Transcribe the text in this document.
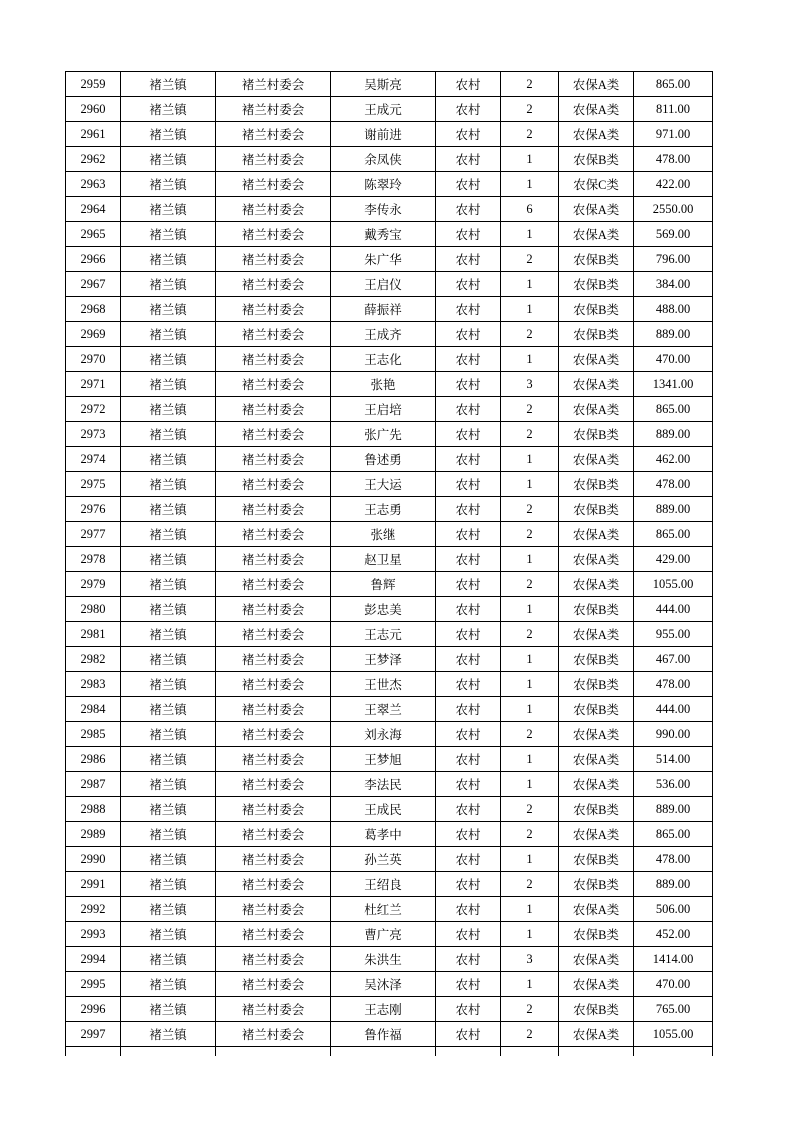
2959	褚兰镇	褚兰村委会	吴斯亮	农村	2	农保A类	865.00
2960	褚兰镇	褚兰村委会	王成元	农村	2	农保A类	811.00
2961	褚兰镇	褚兰村委会	谢前进	农村	2	农保A类	971.00
2962	褚兰镇	褚兰村委会	余凤侠	农村	1	农保B类	478.00
2963	褚兰镇	褚兰村委会	陈翠玲	农村	1	农保C类	422.00
2964	褚兰镇	褚兰村委会	李传永	农村	6	农保A类	2550.00
2965	褚兰镇	褚兰村委会	戴秀宝	农村	1	农保A类	569.00
2966	褚兰镇	褚兰村委会	朱广华	农村	2	农保B类	796.00
2967	褚兰镇	褚兰村委会	王启仪	农村	1	农保B类	384.00
2968	褚兰镇	褚兰村委会	薛振祥	农村	1	农保B类	488.00
2969	褚兰镇	褚兰村委会	王成齐	农村	2	农保B类	889.00
2970	褚兰镇	褚兰村委会	王志化	农村	1	农保A类	470.00
2971	褚兰镇	褚兰村委会	张艳	农村	3	农保A类	1341.00
2972	褚兰镇	褚兰村委会	王启培	农村	2	农保A类	865.00
2973	褚兰镇	褚兰村委会	张广先	农村	2	农保B类	889.00
2974	褚兰镇	褚兰村委会	鲁述勇	农村	1	农保A类	462.00
2975	褚兰镇	褚兰村委会	王大运	农村	1	农保B类	478.00
2976	褚兰镇	褚兰村委会	王志勇	农村	2	农保B类	889.00
2977	褚兰镇	褚兰村委会	张继	农村	2	农保A类	865.00
2978	褚兰镇	褚兰村委会	赵卫星	农村	1	农保A类	429.00
2979	褚兰镇	褚兰村委会	鲁辉	农村	2	农保A类	1055.00
2980	褚兰镇	褚兰村委会	彭忠美	农村	1	农保B类	444.00
2981	褚兰镇	褚兰村委会	王志元	农村	2	农保A类	955.00
2982	褚兰镇	褚兰村委会	王梦泽	农村	1	农保B类	467.00
2983	褚兰镇	褚兰村委会	王世杰	农村	1	农保B类	478.00
2984	褚兰镇	褚兰村委会	王翠兰	农村	1	农保B类	444.00
2985	褚兰镇	褚兰村委会	刘永海	农村	2	农保A类	990.00
2986	褚兰镇	褚兰村委会	王梦旭	农村	1	农保A类	514.00
2987	褚兰镇	褚兰村委会	李法民	农村	1	农保A类	536.00
2988	褚兰镇	褚兰村委会	王成民	农村	2	农保B类	889.00
2989	褚兰镇	褚兰村委会	葛孝中	农村	2	农保A类	865.00
2990	褚兰镇	褚兰村委会	孙兰英	农村	1	农保B类	478.00
2991	褚兰镇	褚兰村委会	王绍良	农村	2	农保B类	889.00
2992	褚兰镇	褚兰村委会	杜红兰	农村	1	农保A类	506.00
2993	褚兰镇	褚兰村委会	曹广亮	农村	1	农保B类	452.00
2994	褚兰镇	褚兰村委会	朱洪生	农村	3	农保A类	1414.00
2995	褚兰镇	褚兰村委会	吴沐泽	农村	1	农保A类	470.00
2996	褚兰镇	褚兰村委会	王志刚	农村	2	农保B类	765.00
2997	褚兰镇	褚兰村委会	鲁作福	农村	2	农保A类	1055.00
